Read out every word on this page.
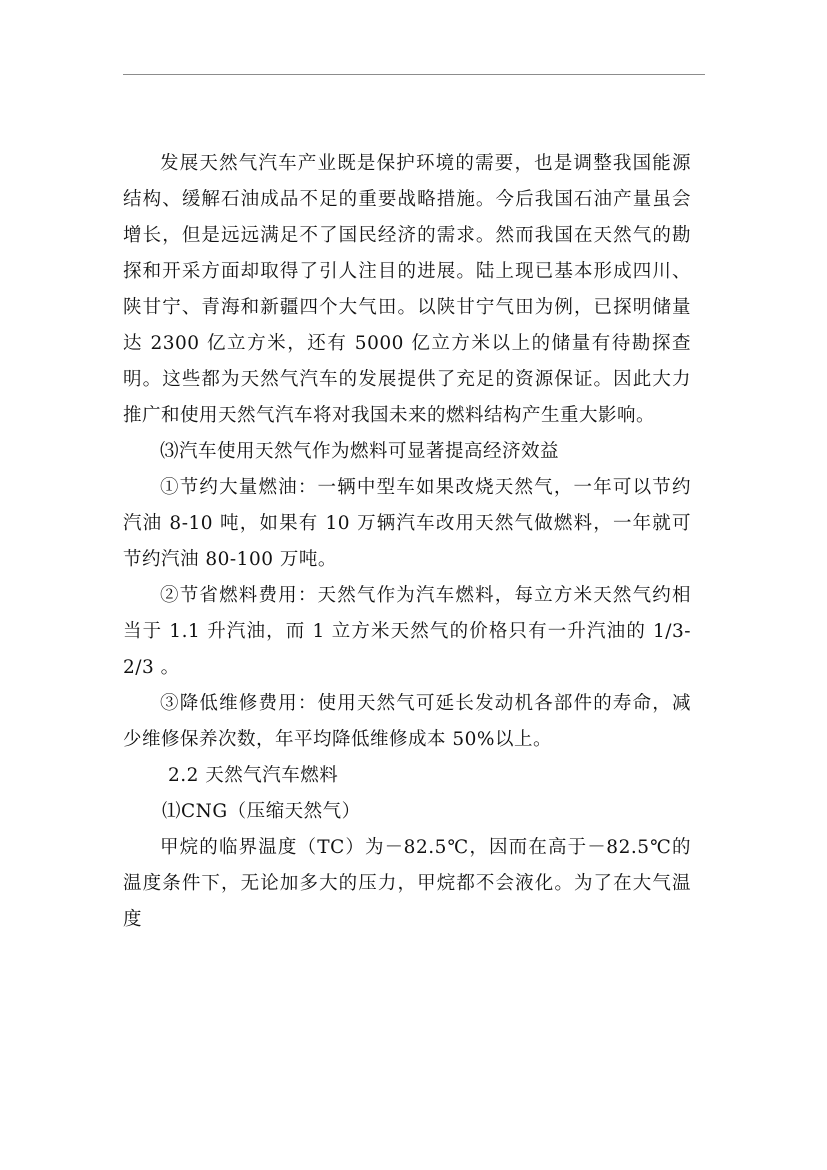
发展天然气汽车产业既是保护环境的需要，也是调整我国能源结构、缓解石油成品不足的重要战略措施。今后我国石油产量虽会增长，但是远远满足不了国民经济的需求。然而我国在天然气的勘探和开采方面却取得了引人注目的进展。陆上现已基本形成四川、陕甘宁、青海和新疆四个大气田。以陕甘宁气田为例，已探明储量达 2300 亿立方米，还有 5000 亿立方米以上的储量有待勘探查明。这些都为天然气汽车的发展提供了充足的资源保证。因此大力推广和使用天然气汽车将对我国未来的燃料结构产生重大影响。

⑶汽车使用天然气作为燃料可显著提高经济效益

①节约大量燃油：一辆中型车如果改烧天然气，一年可以节约汽油 8-10 吨，如果有 10 万辆汽车改用天然气做燃料，一年就可节约汽油 80-100 万吨。

②节省燃料费用：天然气作为汽车燃料，每立方米天然气约相当于 1.1 升汽油，而 1 立方米天然气的价格只有一升汽油的 1/3-2/3 。

③降低维修费用：使用天然气可延长发动机各部件的寿命，减少维修保养次数，年平均降低维修成本 50%以上。

2.2 天然气汽车燃料

⑴CNG（压缩天然气）

甲烷的临界温度（TC）为－82.5℃，因而在高于－82.5℃的温度条件下，无论加多大的压力，甲烷都不会液化。为了在大气温度
